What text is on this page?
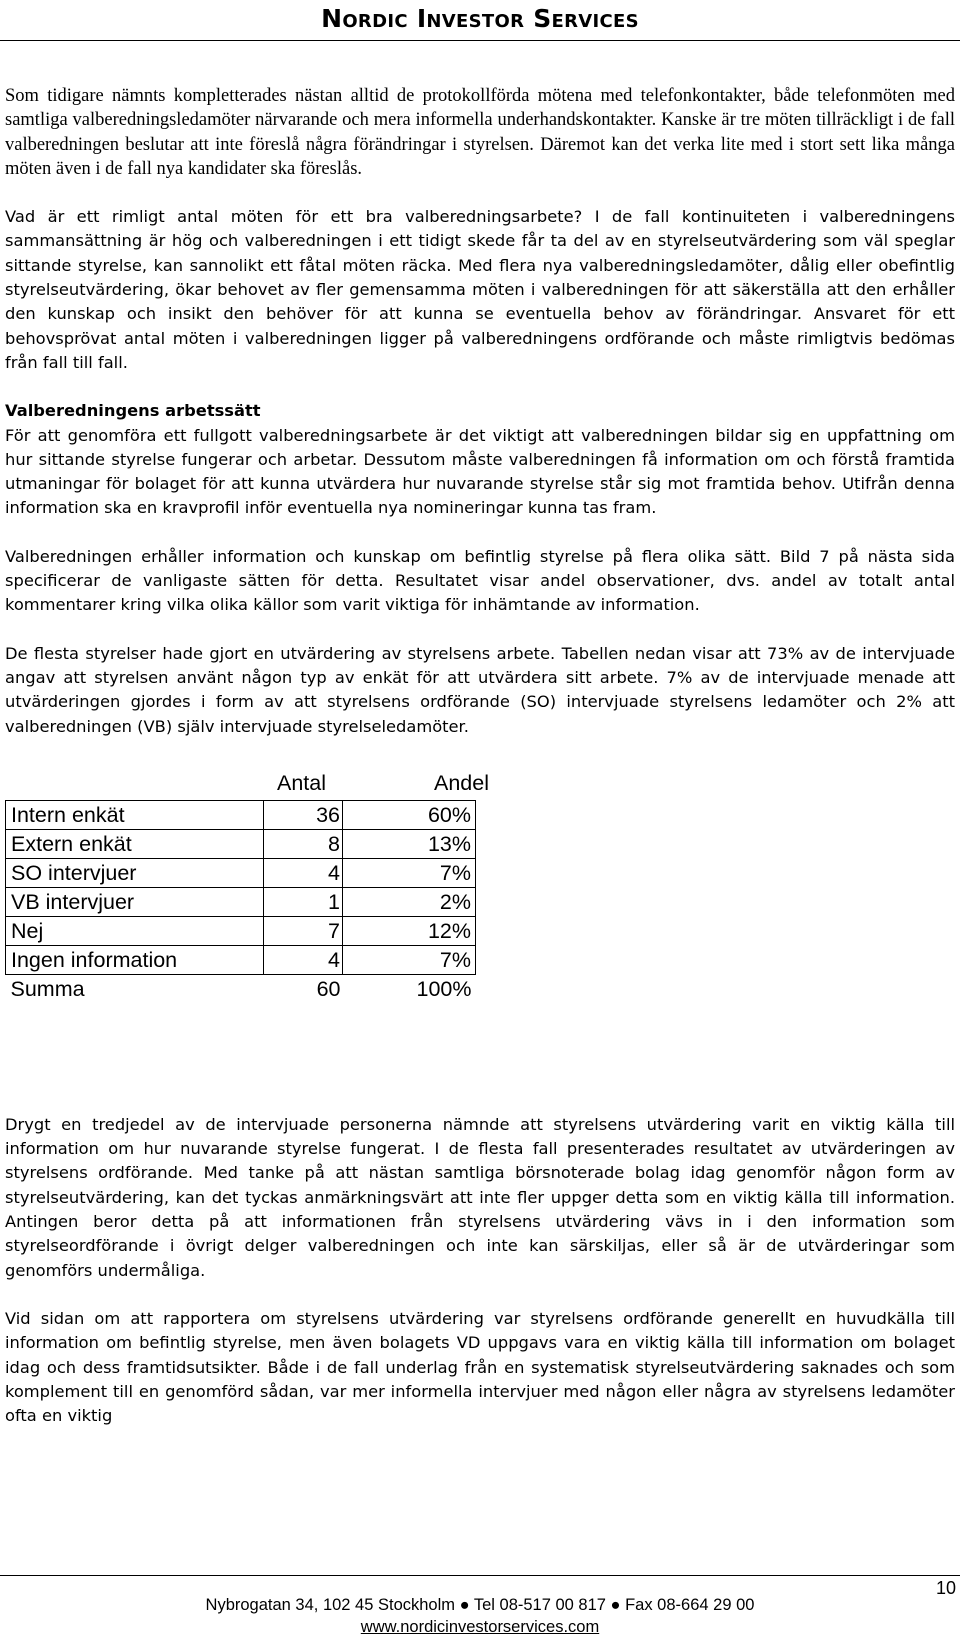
Nordic Investor Services

Som tidigare nämnts kompletterades nästan alltid de protokollförda mötena med telefonkontakter, både telefonmöten med samtliga valberedningsledamöter närvarande och mera informella underhandskontakter. Kanske är tre möten tillräckligt i de fall valberedningen beslutar att inte föreslå några förändringar i styrelsen. Däremot kan det verka lite med i stort sett lika många möten även i de fall nya kandidater ska föreslås.

Vad är ett rimligt antal möten för ett bra valberedningsarbete? I de fall kontinuiteten i valberedningens sammansättning är hög och valberedningen i ett tidigt skede får ta del av en styrelseutvärdering som väl speglar sittande styrelse, kan sannolikt ett fåtal möten räcka. Med flera nya valberedningsledamöter, dålig eller obefintlig styrelseutvärdering, ökar behovet av fler gemensamma möten i valberedningen för att säkerställa att den erhåller den kunskap och insikt den behöver för att kunna se eventuella behov av förändringar. Ansvaret för ett behovsprövat antal möten i valberedningen ligger på valberedningens ordförande och måste rimligtvis bedömas från fall till fall.

Valberedningens arbetssätt

För att genomföra ett fullgott valberedningsarbete är det viktigt att valberedningen bildar sig en uppfattning om hur sittande styrelse fungerar och arbetar. Dessutom måste valberedningen få information om och förstå framtida utmaningar för bolaget för att kunna utvärdera hur nuvarande styrelse står sig mot framtida behov. Utifrån denna information ska en kravprofil inför eventuella nya nomineringar kunna tas fram.

Valberedningen erhåller information och kunskap om befintlig styrelse på flera olika sätt. Bild 7 på nästa sida specificerar de vanligaste sätten för detta. Resultatet visar andel observationer, dvs. andel av totalt antal kommentarer kring vilka olika källor som varit viktiga för inhämtande av information.

De flesta styrelser hade gjort en utvärdering av styrelsens arbete. Tabellen nedan visar att 73% av de intervjuade angav att styrelsen använt någon typ av enkät för att utvärdera sitt arbete. 7% av de intervjuade menade att utvärderingen gjordes i form av att styrelsens ordförande (SO) intervjuade styrelsens ledamöter och 2% att valberedningen (VB) själv intervjuade styrelseledamöter.

Antal	Andel
Intern enkät	36	60%
Extern enkät	8	13%
SO intervjuer	4	7%
VB intervjuer	1	2%
Nej	7	12%
Ingen information	4	7%
Summa	60	100%

Drygt en tredjedel av de intervjuade personerna nämnde att styrelsens utvärdering varit en viktig källa till information om hur nuvarande styrelse fungerat. I de flesta fall presenterades resultatet av utvärderingen av styrelsens ordförande. Med tanke på att nästan samtliga börsnoterade bolag idag genomför någon form av styrelseutvärdering, kan det tyckas anmärkningsvärt att inte fler uppger detta som en viktig källa till information. Antingen beror detta på att informationen från styrelsens utvärdering vävs in i den information som styrelseordförande i övrigt delger valberedningen och inte kan särskiljas, eller så är de utvärderingar som genomförs undermåliga.

Vid sidan om att rapportera om styrelsens utvärdering var styrelsens ordförande generellt en huvudkälla till information om befintlig styrelse, men även bolagets VD uppgavs vara en viktig källa till information om bolaget idag och dess framtidsutsikter. Både i de fall underlag från en systematisk styrelseutvärdering saknades och som komplement till en genomförd sådan, var mer informella intervjuer med någon eller några av styrelsens ledamöter ofta en viktig

10
Nybrogatan 34, 102 45 Stockholm ● Tel 08-517 00 817 ● Fax 08-664 29 00
www.nordicinvestorservices.com
